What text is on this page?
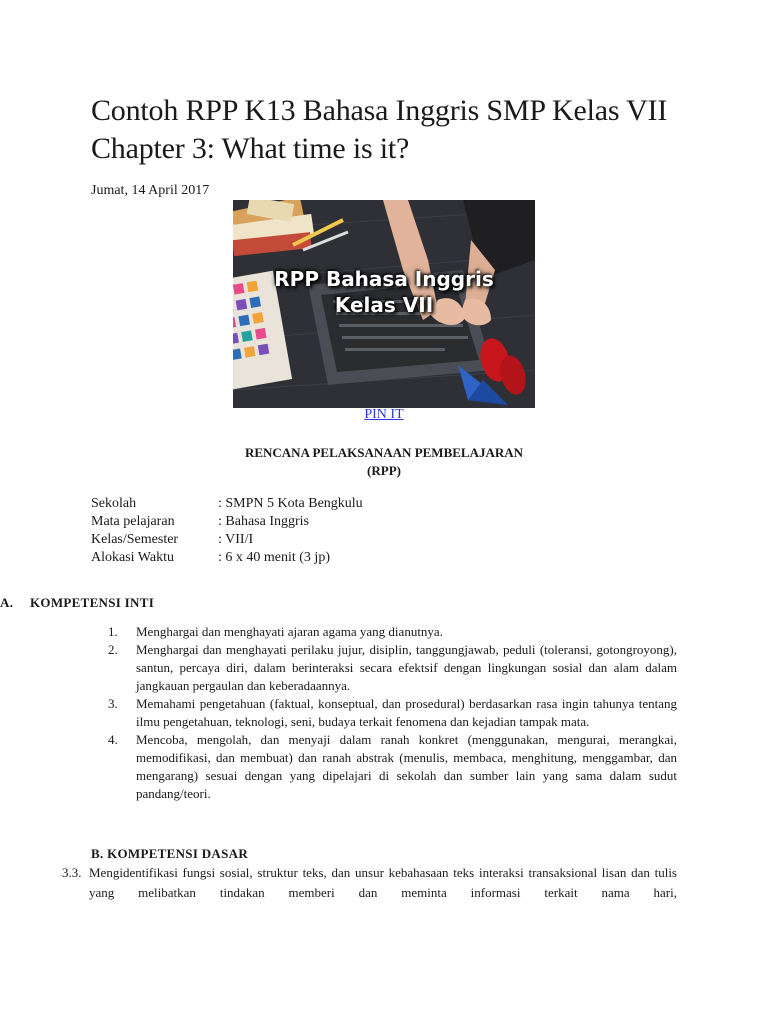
Contoh RPP K13 Bahasa Inggris SMP Kelas VII Chapter 3: What time is it?
Jumat, 14 April 2017
RPP Bahasa Inggris
Kelas VII
PIN IT
RENCANA PELAKSANAAN PEMBELAJARAN
(RPP)
Sekolah	: SMPN 5 Kota Bengkulu
Mata pelajaran	: Bahasa Inggris
Kelas/Semester	: VII/I
Alokasi Waktu	: 6 x 40 menit (3 jp)
A. KOMPETENSI INTI
1.	Menghargai dan menghayati ajaran agama yang dianutnya.
2.	Menghargai dan menghayati perilaku jujur, disiplin, tanggungjawab, peduli (toleransi, gotongroyong), santun, percaya diri, dalam berinteraksi secara efektsif dengan lingkungan sosial dan alam dalam jangkauan pergaulan dan keberadaannya.
3.	Memahami pengetahuan (faktual, konseptual, dan prosedural) berdasarkan rasa ingin tahunya tentang ilmu pengetahuan, teknologi, seni, budaya terkait fenomena dan kejadian tampak mata.
4.	Mencoba, mengolah, dan menyaji dalam ranah konkret (menggunakan, mengurai, merangkai, memodifikasi, dan membuat) dan ranah abstrak (menulis, membaca, menghitung, menggambar, dan mengarang) sesuai dengan yang dipelajari di sekolah dan sumber lain yang sama dalam sudut pandang/teori.
B. KOMPETENSI DASAR
3.3. Mengidentifikasi fungsi sosial, struktur teks, dan unsur kebahasaan teks interaksi transaksional lisan dan tulis yang melibatkan tindakan memberi dan meminta informasi terkait nama hari,
